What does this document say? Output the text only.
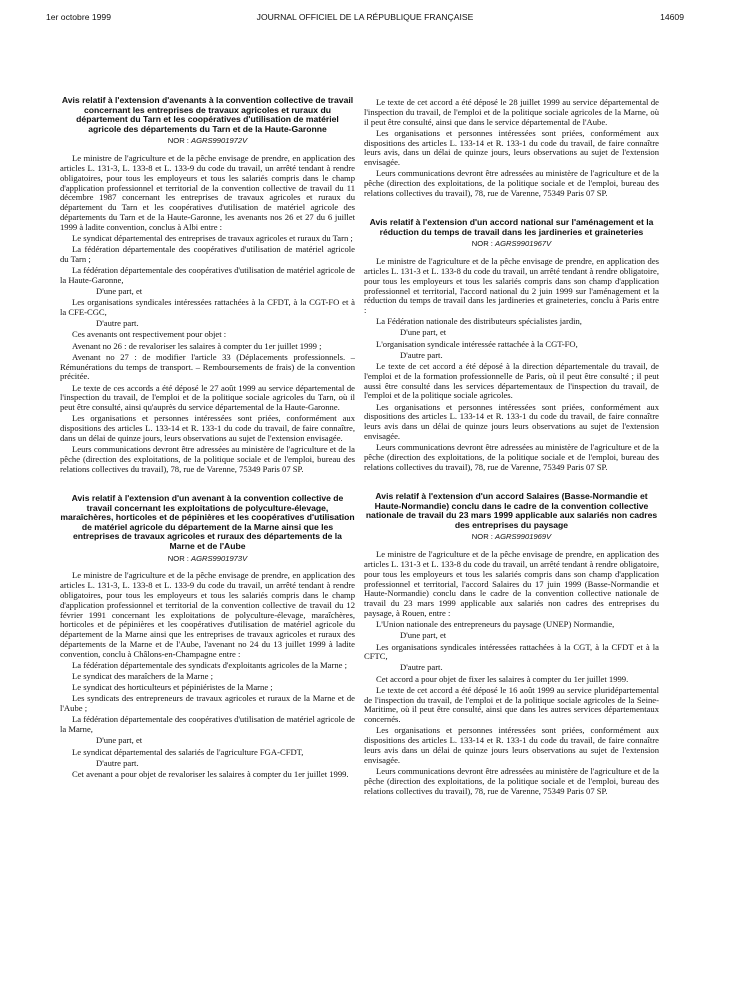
1er octobre 1999	JOURNAL OFFICIEL DE LA RÉPUBLIQUE FRANÇAISE	14609
Avis relatif à l'extension d'avenants à la convention collective de travail concernant les entreprises de travaux agricoles et ruraux du département du Tarn et les coopératives d'utilisation de matériel agricole des départements du Tarn et de la Haute-Garonne
NOR : AGRS9901972V
Le ministre de l'agriculture et de la pêche envisage de prendre, en application des articles L. 131-3, L. 133-8 et L. 133-9 du code du travail, un arrêté tendant à rendre obligatoires, pour tous les employeurs et tous les salariés compris dans le champ d'application professionnel et territorial de la convention collective de travail du 11 décembre 1987 concernant les entreprises de travaux agricoles et ruraux du département du Tarn et les coopératives d'utilisation de matériel agricole des départements du Tarn et de la Haute-Garonne, les avenants nos 26 et 27 du 6 juillet 1999 à ladite convention, conclus à Albi entre :
Le syndicat départemental des entreprises de travaux agricoles et ruraux du Tarn ;
La fédération départementale des coopératives d'utilisation de matériel agricole du Tarn ;
La fédération départementale des coopératives d'utilisation de matériel agricole de la Haute-Garonne,
D'une part, et
Les organisations syndicales intéressées rattachées à la CFDT, à la CGT-FO et à la CFE-CGC,
D'autre part.
Ces avenants ont respectivement pour objet :
Avenant no 26 : de revaloriser les salaires à compter du 1er juillet 1999 ;
Avenant no 27 : de modifier l'article 33 (Déplacements professionnels. – Rémunérations du temps de transport. – Remboursements de frais) de la convention précitée.
Le texte de ces accords a été déposé le 27 août 1999 au service départemental de l'inspection du travail, de l'emploi et de la politique sociale agricoles du Tarn, où il peut être consulté, ainsi qu'auprès du service départemental de la Haute-Garonne.
Les organisations et personnes intéressées sont priées, conformément aux dispositions des articles L. 133-14 et R. 133-1 du code du travail, de faire connaître, dans un délai de quinze jours, leurs observations au sujet de l'extension envisagée.
Leurs communications devront être adressées au ministère de l'agriculture et de la pêche (direction des exploitations, de la politique sociale et de l'emploi, bureau des relations collectives du travail), 78, rue de Varenne, 75349 Paris 07 SP.
Avis relatif à l'extension d'un avenant à la convention collective de travail concernant les exploitations de polyculture-élevage, maraîchères, horticoles et de pépinières et les coopératives d'utilisation de matériel agricole du département de la Marne ainsi que les entreprises de travaux agricoles et ruraux des départements de la Marne et de l'Aube
NOR : AGRS9901973V
Le ministre de l'agriculture et de la pêche envisage de prendre, en application des articles L. 131-3, L. 133-8 et L. 133-9 du code du travail, un arrêté tendant à rendre obligatoires, pour tous les employeurs et tous les salariés compris dans le champ d'application professionnel et territorial de la convention collective de travail du 12 février 1991 concernant les exploitations de polyculture-élevage, maraîchères, horticoles et de pépinières et les coopératives d'utilisation de matériel agricole du département de la Marne ainsi que les entreprises de travaux agricoles et ruraux des départements de la Marne et de l'Aube, l'avenant no 24 du 13 juillet 1999 à ladite convention, conclu à Châlons-en-Champagne entre :
La fédération départementale des syndicats d'exploitants agricoles de la Marne ;
Le syndicat des maraîchers de la Marne ;
Le syndicat des horticulteurs et pépiniéristes de la Marne ;
Les syndicats des entrepreneurs de travaux agricoles et ruraux de la Marne et de l'Aube ;
La fédération départementale des coopératives d'utilisation de matériel agricole de la Marne,
D'une part, et
Le syndicat départemental des salariés de l'agriculture FGA-CFDT,
D'autre part.
Cet avenant a pour objet de revaloriser les salaires à compter du 1er juillet 1999.
Le texte de cet accord a été déposé le 28 juillet 1999 au service départemental de l'inspection du travail, de l'emploi et de la politique sociale agricoles de la Marne, où il peut être consulté, ainsi que dans le service départemental de l'Aube.
Les organisations et personnes intéressées sont priées, conformément aux dispositions des articles L. 133-14 et R. 133-1 du code du travail, de faire connaître leurs avis, dans un délai de quinze jours, leurs observations au sujet de l'extension envisagée.
Leurs communications devront être adressées au ministère de l'agriculture et de la pêche (direction des exploitations, de la politique sociale et de l'emploi, bureau des relations collectives du travail), 78, rue de Varenne, 75349 Paris 07 SP.
Avis relatif à l'extension d'un accord national sur l'aménagement et la réduction du temps de travail dans les jardineries et graineteries
NOR : AGRS9901967V
Le ministre de l'agriculture et de la pêche envisage de prendre, en application des articles L. 131-3 et L. 133-8 du code du travail, un arrêté tendant à rendre obligatoire, pour tous les employeurs et tous les salariés compris dans son champ d'application professionnel et territorial, l'accord national du 2 juin 1999 sur l'aménagement et la réduction du temps de travail dans les jardineries et graineteries, conclu à Paris entre :
La Fédération nationale des distributeurs spécialistes jardin,
D'une part, et
L'organisation syndicale intéressée rattachée à la CGT-FO,
D'autre part.
Le texte de cet accord a été déposé à la direction départementale du travail, de l'emploi et de la formation professionnelle de Paris, où il peut être consulté ; il peut aussi être consulté dans les services départementaux de l'inspection du travail, de l'emploi et de la politique sociale agricoles.
Les organisations et personnes intéressées sont priées, conformément aux dispositions des articles L. 133-14 et R. 133-1 du code du travail, de faire connaître leurs avis dans un délai de quinze jours leurs observations au sujet de l'extension envisagée.
Leurs communications devront être adressées au ministère de l'agriculture et de la pêche (direction des exploitations, de la politique sociale et de l'emploi, bureau des relations collectives du travail), 78, rue de Varenne, 75349 Paris 07 SP.
Avis relatif à l'extension d'un accord Salaires (Basse-Normandie et Haute-Normandie) conclu dans le cadre de la convention collective nationale de travail du 23 mars 1999 applicable aux salariés non cadres des entreprises du paysage
NOR : AGRS9901969V
Le ministre de l'agriculture et de la pêche envisage de prendre, en application des articles L. 131-3 et L. 133-8 du code du travail, un arrêté tendant à rendre obligatoire, pour tous les employeurs et tous les salariés compris dans son champ d'application professionnel et territorial, l'accord Salaires du 17 juin 1999 (Basse-Normandie et Haute-Normandie) conclu dans le cadre de la convention collective nationale de travail du 23 mars 1999 applicable aux salariés non cadres des entreprises du paysage, à Rouen, entre :
L'Union nationale des entrepreneurs du paysage (UNEP) Normandie,
D'une part, et
Les organisations syndicales intéressées rattachées à la CGT, à la CFDT et à la CFTC,
D'autre part.
Cet accord a pour objet de fixer les salaires à compter du 1er juillet 1999.
Le texte de cet accord a été déposé le 16 août 1999 au service pluridépartemental de l'inspection du travail, de l'emploi et de la politique sociale agricoles de la Seine-Maritime, où il peut être consulté, ainsi que dans les autres services départementaux concernés.
Les organisations et personnes intéressées sont priées, conformément aux dispositions des articles L. 133-14 et R. 133-1 du code du travail, de faire connaître leurs avis dans un délai de quinze jours leurs observations au sujet de l'extension envisagée.
Leurs communications devront être adressées au ministère de l'agriculture et de la pêche (direction des exploitations, de la politique sociale et de l'emploi, bureau des relations collectives du travail), 78, rue de Varenne, 75349 Paris 07 SP.
